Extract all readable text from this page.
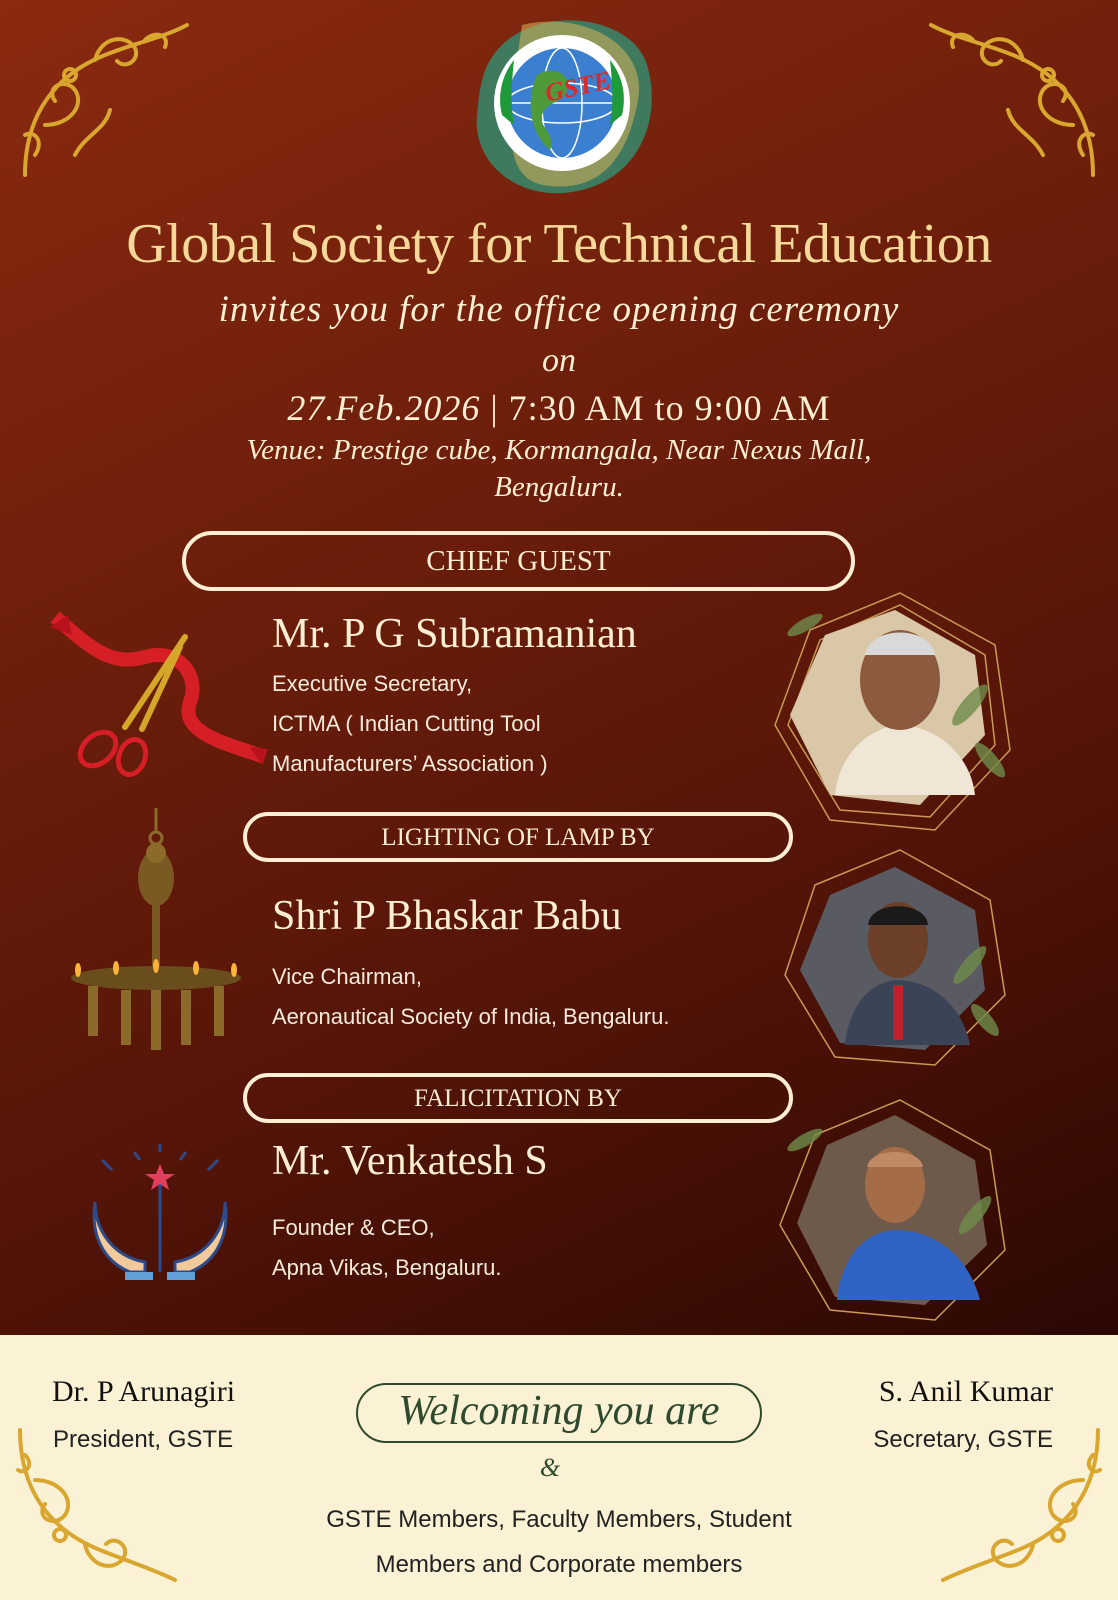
GSTE
Global Society for Technical Education
invites you for the office opening ceremony
on
27.Feb.2026 | 7:30 AM to 9:00 AM
Venue: Prestige cube, Kormangala, Near Nexus Mall,
Bengaluru.
CHIEF GUEST
Mr. P G Subramanian
Executive Secretary,
ICTMA ( Indian Cutting Tool
Manufacturers’ Association )
LIGHTING OF LAMP BY
Shri P Bhaskar Babu
Vice Chairman,
Aeronautical Society of India, Bengaluru.
FALICITATION BY
Mr. Venkatesh S
Founder & CEO,
Apna Vikas, Bengaluru.
Dr. P Arunagiri
President, GSTE
S. Anil Kumar
Secretary, GSTE
Welcoming you are
&
GSTE Members, Faculty Members, Student
Members and Corporate members
